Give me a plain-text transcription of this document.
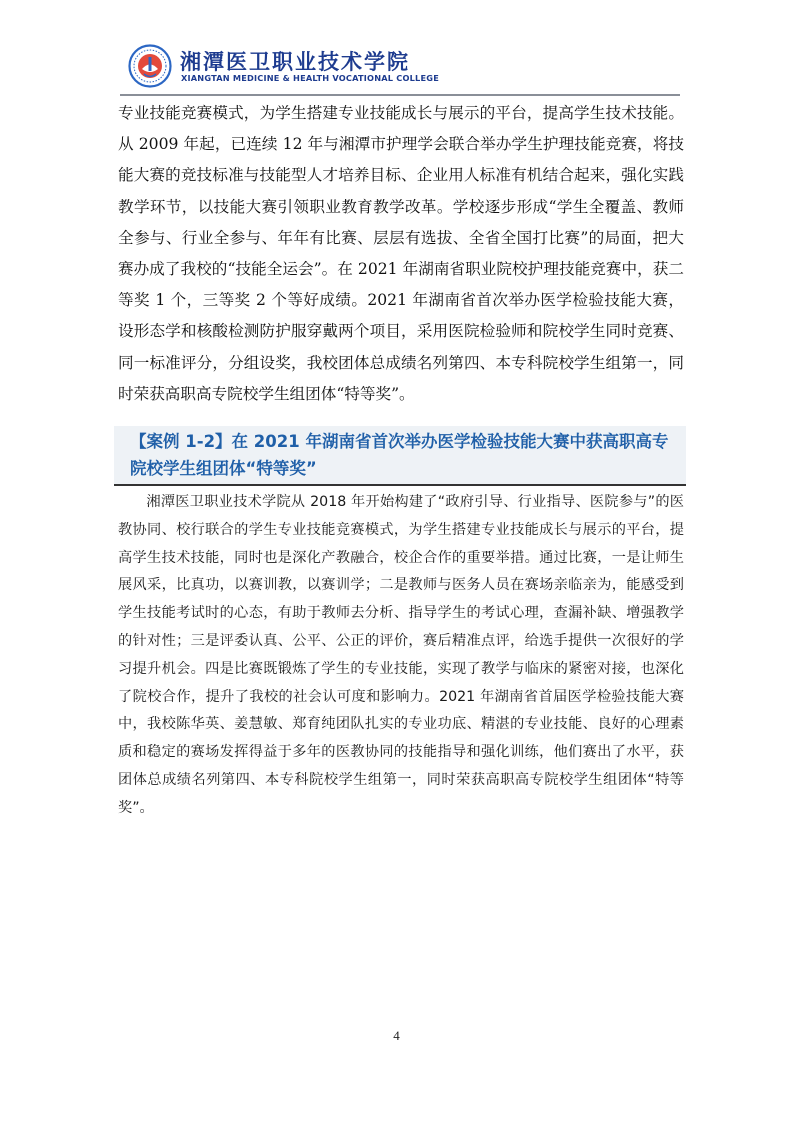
湘潭医卫职业技术学院
XIANGTAN MEDICINE & HEALTH VOCATIONAL COLLEGE

专业技能竞赛模式，为学生搭建专业技能成长与展示的平台，提高学生技术技能。从 2009 年起，已连续 12 年与湘潭市护理学会联合举办学生护理技能竞赛，将技能大赛的竞技标准与技能型人才培养目标、企业用人标准有机结合起来，强化实践教学环节，以技能大赛引领职业教育教学改革。学校逐步形成“学生全覆盖、教师全参与、行业全参与、年年有比赛、层层有选拔、全省全国打比赛”的局面，把大赛办成了我校的“技能全运会”。在 2021 年湖南省职业院校护理技能竞赛中，获二等奖 1 个，三等奖 2 个等好成绩。2021 年湖南省首次举办医学检验技能大赛，设形态学和核酸检测防护服穿戴两个项目，采用医院检验师和院校学生同时竞赛、同一标准评分，分组设奖，我校团体总成绩名列第四、本专科院校学生组第一，同时荣获高职高专院校学生组团体“特等奖”。

【案例 1-2】在 2021 年湖南省首次举办医学检验技能大赛中获高职高专院校学生组团体“特等奖”

湘潭医卫职业技术学院从 2018 年开始构建了“政府引导、行业指导、医院参与”的医教协同、校行联合的学生专业技能竞赛模式，为学生搭建专业技能成长与展示的平台，提高学生技术技能，同时也是深化产教融合，校企合作的重要举措。通过比赛，一是让师生展风采，比真功，以赛训教，以赛训学；二是教师与医务人员在赛场亲临亲为，能感受到学生技能考试时的心态，有助于教师去分析、指导学生的考试心理，查漏补缺、增强教学的针对性；三是评委认真、公平、公正的评价，赛后精准点评，给选手提供一次很好的学习提升机会。四是比赛既锻炼了学生的专业技能，实现了教学与临床的紧密对接，也深化了院校合作，提升了我校的社会认可度和影响力。2021 年湖南省首届医学检验技能大赛中，我校陈华英、姜慧敏、郑育纯团队扎实的专业功底、精湛的专业技能、良好的心理素质和稳定的赛场发挥得益于多年的医教协同的技能指导和强化训练，他们赛出了水平，获团体总成绩名列第四、本专科院校学生组第一，同时荣获高职高专院校学生组团体“特等奖”。

4
